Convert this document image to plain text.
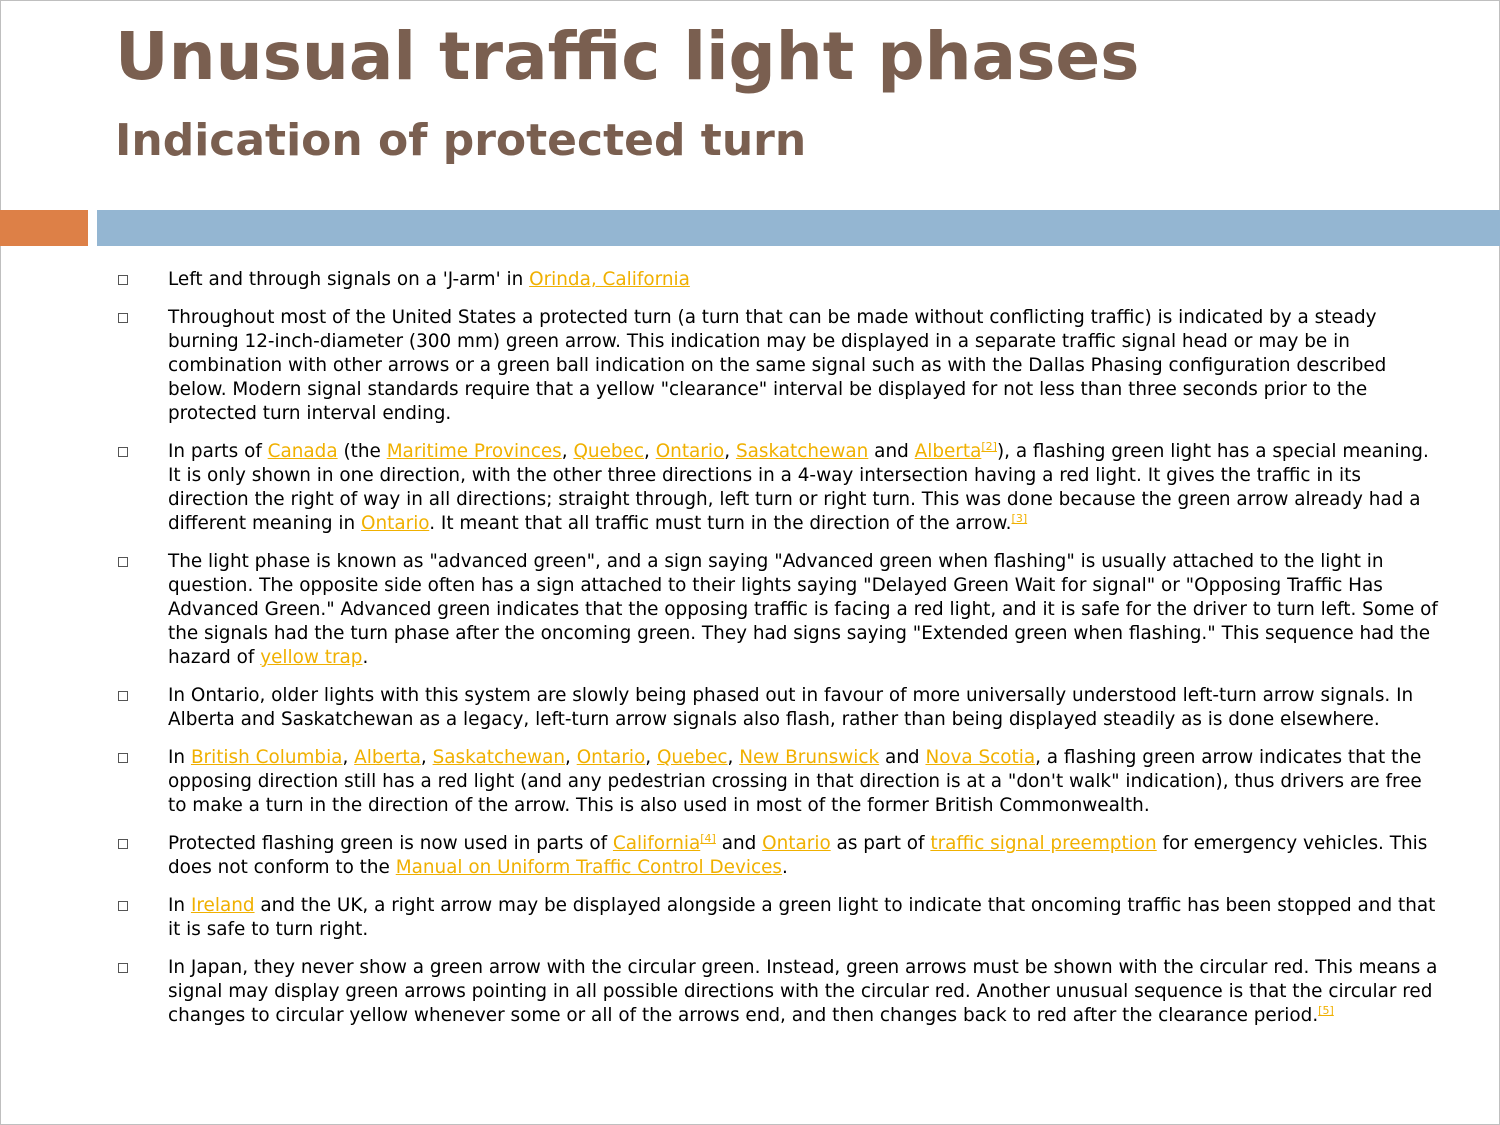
Unusual traffic light phases
Indication of protected turn
Left and through signals on a 'J-arm' in Orinda, California
Throughout most of the United States a protected turn (a turn that can be made without conflicting traffic) is indicated by a steady burning 12-inch-diameter (300 mm) green arrow. This indication may be displayed in a separate traffic signal head or may be in combination with other arrows or a green ball indication on the same signal such as with the Dallas Phasing configuration described below. Modern signal standards require that a yellow "clearance" interval be displayed for not less than three seconds prior to the protected turn interval ending.
In parts of Canada (the Maritime Provinces, Quebec, Ontario, Saskatchewan and Alberta[2]), a flashing green light has a special meaning. It is only shown in one direction, with the other three directions in a 4-way intersection having a red light. It gives the traffic in its direction the right of way in all directions; straight through, left turn or right turn. This was done because the green arrow already had a different meaning in Ontario. It meant that all traffic must turn in the direction of the arrow.[3]
The light phase is known as "advanced green", and a sign saying "Advanced green when flashing" is usually attached to the light in question. The opposite side often has a sign attached to their lights saying "Delayed Green Wait for signal" or "Opposing Traffic Has Advanced Green." Advanced green indicates that the opposing traffic is facing a red light, and it is safe for the driver to turn left. Some of the signals had the turn phase after the oncoming green. They had signs saying "Extended green when flashing." This sequence had the hazard of yellow trap.
In Ontario, older lights with this system are slowly being phased out in favour of more universally understood left-turn arrow signals. In Alberta and Saskatchewan as a legacy, left-turn arrow signals also flash, rather than being displayed steadily as is done elsewhere.
In British Columbia, Alberta, Saskatchewan, Ontario, Quebec, New Brunswick and Nova Scotia, a flashing green arrow indicates that the opposing direction still has a red light (and any pedestrian crossing in that direction is at a "don't walk" indication), thus drivers are free to make a turn in the direction of the arrow. This is also used in most of the former British Commonwealth.
Protected flashing green is now used in parts of California[4] and Ontario as part of traffic signal preemption for emergency vehicles. This does not conform to the Manual on Uniform Traffic Control Devices.
In Ireland and the UK, a right arrow may be displayed alongside a green light to indicate that oncoming traffic has been stopped and that it is safe to turn right.
In Japan, they never show a green arrow with the circular green. Instead, green arrows must be shown with the circular red. This means a signal may display green arrows pointing in all possible directions with the circular red. Another unusual sequence is that the circular red changes to circular yellow whenever some or all of the arrows end, and then changes back to red after the clearance period.[5]
